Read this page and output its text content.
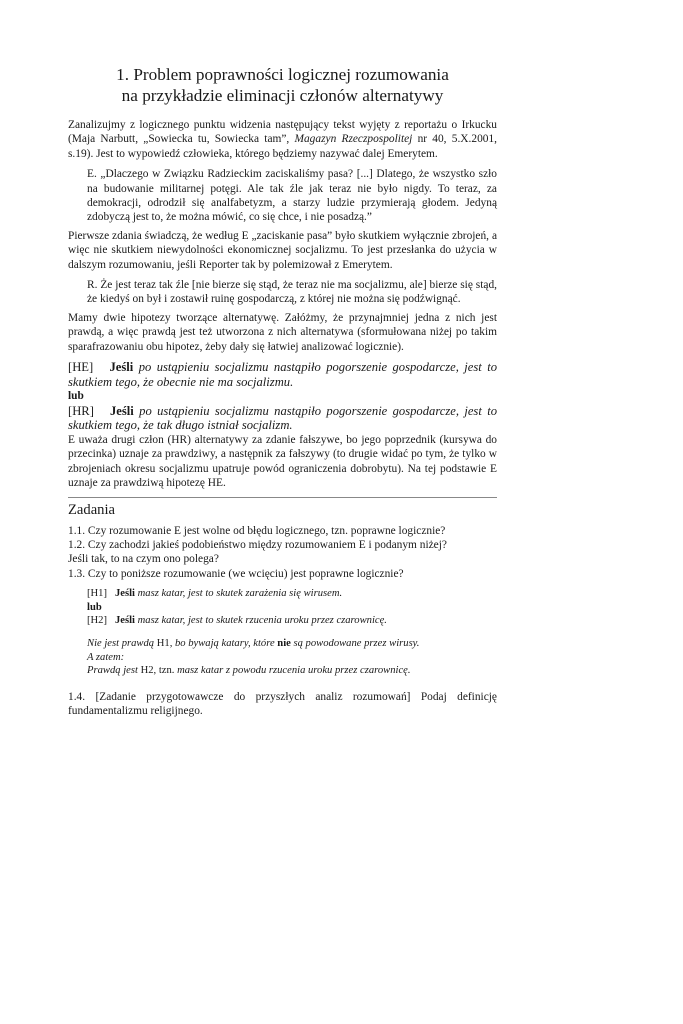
1. Problem poprawności logicznej rozumowania
na przykładzie eliminacji członów alternatywy

Zanalizujmy z logicznego punktu widzenia następujący tekst wyjęty z reportażu o Irkucku (Maja Narbutt, „Sowiecka tu, Sowiecka tam”, Magazyn Rzeczpospolitej nr 40, 5.X.2001, s.19). Jest to wypowiedź człowieka, którego będziemy nazywać dalej Emerytem.

E. „Dlaczego w Związku Radzieckim zaciskaliśmy pasa? [...] Dlatego, że wszystko szło na budowanie militarnej potęgi. Ale tak źle jak teraz nie było nigdy. To teraz, za demokracji, odrodził się analfabetyzm, a starzy ludzie przymierają głodem. Jedyną zdobyczą jest to, że można mówić, co się chce, i nie posadzą.”

Pierwsze zdania świadczą, że według E „zaciskanie pasa” było skutkiem wyłącznie zbrojeń, a więc nie skutkiem niewydolności ekonomicznej socjalizmu. To jest przesłanka do użycia w dalszym rozumowaniu, jeśli Reporter tak by polemizował z Emerytem.

R. Że jest teraz tak źle [nie bierze się stąd, że teraz nie ma socjalizmu, ale] bierze się stąd, że kiedyś on był i zostawił ruinę gospodarczą, z której nie można się podźwignąć.

Mamy dwie hipotezy tworzące alternatywę. Załóżmy, że przynajmniej jedna z nich jest prawdą, a więc prawdą jest też utworzona z nich alternatywa (sformułowana niżej po takim sparafrazowaniu obu hipotez, żeby dały się łatwiej analizować logicznie).

[HE] Jeśli po ustąpieniu socjalizmu nastąpiło pogorszenie gospodarcze, jest to skutkiem tego, że obecnie nie ma socjalizmu.

lub

[HR] Jeśli po ustąpieniu socjalizmu nastąpiło pogorszenie gospodarcze, jest to skutkiem tego, że tak długo istniał socjalizm.

E uważa drugi człon (HR) alternatywy za zdanie fałszywe, bo jego poprzednik (kursywa do przecinka) uznaje za prawdziwy, a następnik za fałszywy (to drugie widać po tym, że tylko w zbrojeniach okresu socjalizmu upatruje powód ograniczenia dobrobytu). Na tej podstawie E uznaje za prawdziwą hipotezę HE.

Zadania

1.1. Czy rozumowanie E jest wolne od błędu logicznego, tzn. poprawne logicznie?

1.2. Czy zachodzi jakieś podobieństwo między rozumowaniem E i podanym niżej?

Jeśli tak, to na czym ono polega?

1.3. Czy to poniższe rozumowanie (we wcięciu) jest poprawne logicznie?

[H1] Jeśli masz katar, jest to skutek zarażenia się wirusem.

lub

[H2] Jeśli masz katar, jest to skutek rzucenia uroku przez czarownicę.

Nie jest prawdą H1, bo bywają katary, które nie są powodowane przez wirusy.

A zatem:

Prawdą jest H2, tzn. masz katar z powodu rzucenia uroku przez czarownicę.

1.4. [Zadanie przygotowawcze do przyszłych analiz rozumowań] Podaj definicję fundamentalizmu religijnego.
